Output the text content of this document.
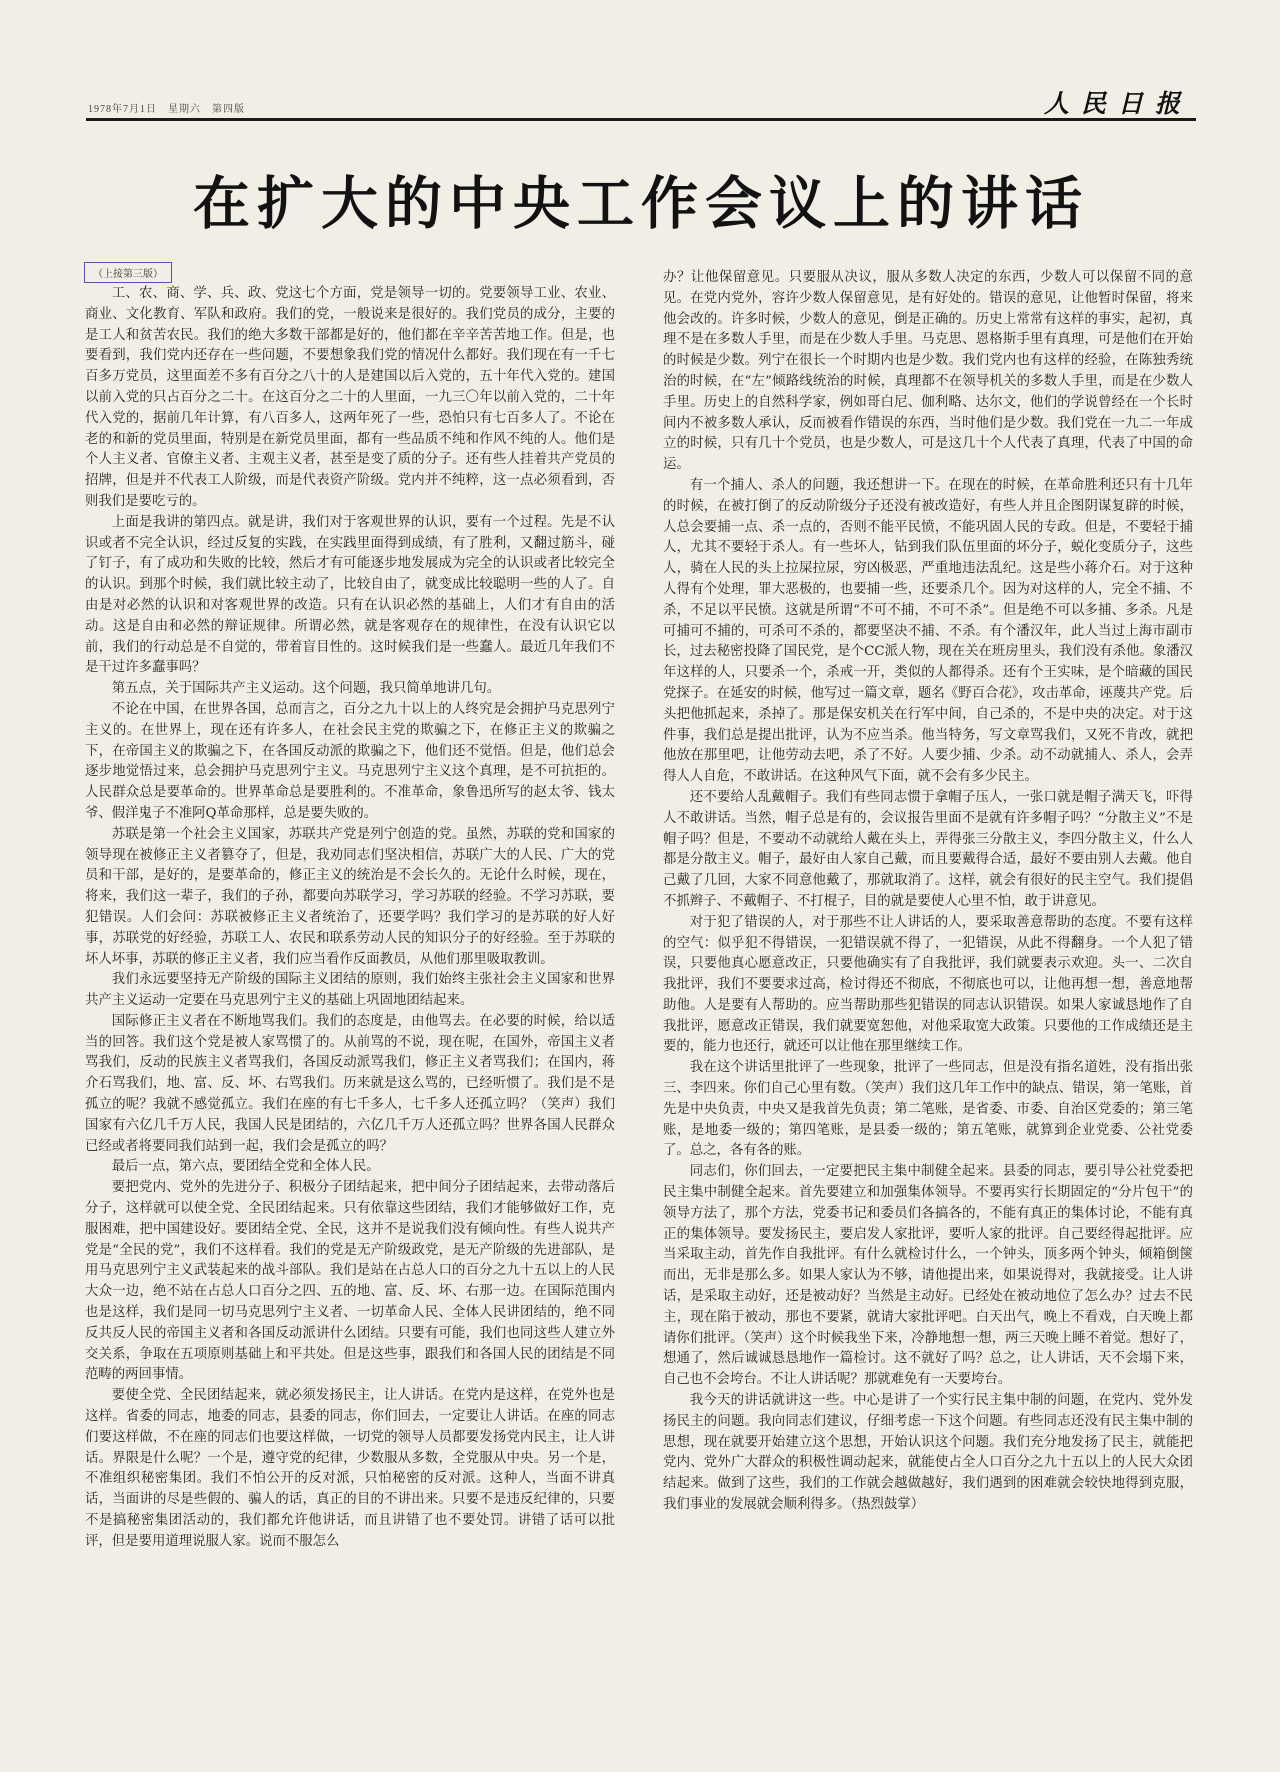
1978年7月1日　星期六　第四版	人民日报
在扩大的中央工作会议上的讲话
（上接第三版）

工、农、商、学、兵、政、党这七个方面，党是领导一切的。党要领导工业、农业、商业、文化教育、军队和政府。我们的党，一般说来是很好的。我们党员的成分，主要的是工人和贫苦农民。我们的绝大多数干部都是好的，他们都在辛辛苦苦地工作。但是，也要看到，我们党内还存在一些问题，不要想象我们党的情况什么都好。我们现在有一千七百多万党员，这里面差不多有百分之八十的人是建国以后入党的，五十年代入党的。建国以前入党的只占百分之二十。在这百分之二十的人里面，一九三〇年以前入党的，二十年代入党的，据前几年计算，有八百多人，这两年死了一些，恐怕只有七百多人了。不论在老的和新的党员里面，特别是在新党员里面，都有一些品质不纯和作风不纯的人。他们是个人主义者、官僚主义者、主观主义者，甚至是变了质的分子。还有些人挂着共产党员的招牌，但是并不代表工人阶级，而是代表资产阶级。党内并不纯粹，这一点必须看到，否则我们是要吃亏的。

上面是我讲的第四点。就是讲，我们对于客观世界的认识，要有一个过程。先是不认识或者不完全认识，经过反复的实践，在实践里面得到成绩，有了胜利，又翻过筋斗，碰了钉子，有了成功和失败的比较，然后才有可能逐步地发展成为完全的认识或者比较完全的认识。到那个时候，我们就比较主动了，比较自由了，就变成比较聪明一些的人了。自由是对必然的认识和对客观世界的改造。只有在认识必然的基础上，人们才有自由的活动。这是自由和必然的辩证规律。所谓必然，就是客观存在的规律性，在没有认识它以前，我们的行动总是不自觉的，带着盲目性的。这时候我们是一些蠢人。最近几年我们不是干过许多蠢事吗？

第五点，关于国际共产主义运动。这个问题，我只简单地讲几句。

不论在中国，在世界各国，总而言之，百分之九十以上的人终究是会拥护马克思列宁主义的。在世界上，现在还有许多人，在社会民主党的欺骗之下，在修正主义的欺骗之下，在帝国主义的欺骗之下，在各国反动派的欺骗之下，他们还不觉悟。但是，他们总会逐步地觉悟过来，总会拥护马克思列宁主义。马克思列宁主义这个真理，是不可抗拒的。人民群众总是要革命的。世界革命总是要胜利的。不准革命，象鲁迅所写的赵太爷、钱太爷、假洋鬼子不准阿Q革命那样，总是要失败的。

苏联是第一个社会主义国家，苏联共产党是列宁创造的党。虽然，苏联的党和国家的领导现在被修正主义者篡夺了，但是，我劝同志们坚决相信，苏联广大的人民、广大的党员和干部，是好的，是要革命的，修正主义的统治是不会长久的。无论什么时候，现在，将来，我们这一辈子，我们的子孙，都要向苏联学习，学习苏联的经验。不学习苏联，要犯错误。人们会问：苏联被修正主义者统治了，还要学吗？我们学习的是苏联的好人好事，苏联党的好经验，苏联工人、农民和联系劳动人民的知识分子的好经验。至于苏联的坏人坏事，苏联的修正主义者，我们应当看作反面教员，从他们那里吸取教训。

我们永远要坚持无产阶级的国际主义团结的原则，我们始终主张社会主义国家和世界共产主义运动一定要在马克思列宁主义的基础上巩固地团结起来。

国际修正主义者在不断地骂我们。我们的态度是，由他骂去。在必要的时候，给以适当的回答。我们这个党是被人家骂惯了的。从前骂的不说，现在呢，在国外，帝国主义者骂我们，反动的民族主义者骂我们，各国反动派骂我们，修正主义者骂我们；在国内，蒋介石骂我们，地、富、反、坏、右骂我们。历来就是这么骂的，已经听惯了。我们是不是孤立的呢？我就不感觉孤立。我们在座的有七千多人，七千多人还孤立吗？（笑声）我们国家有六亿几千万人民，我国人民是团结的，六亿几千万人还孤立吗？世界各国人民群众已经或者将要同我们站到一起，我们会是孤立的吗？

最后一点，第六点，要团结全党和全体人民。

要把党内、党外的先进分子、积极分子团结起来，把中间分子团结起来，去带动落后分子，这样就可以使全党、全民团结起来。只有依靠这些团结，我们才能够做好工作，克服困难，把中国建设好。要团结全党、全民，这并不是说我们没有倾向性。有些人说共产党是“全民的党”，我们不这样看。我们的党是无产阶级政党，是无产阶级的先进部队，是用马克思列宁主义武装起来的战斗部队。我们是站在占总人口的百分之九十五以上的人民大众一边，绝不站在占总人口百分之四、五的地、富、反、坏、右那一边。在国际范围内也是这样，我们是同一切马克思列宁主义者、一切革命人民、全体人民讲团结的，绝不同反共反人民的帝国主义者和各国反动派讲什么团结。只要有可能，我们也同这些人建立外交关系，争取在五项原则基础上和平共处。但是这些事，跟我们和各国人民的团结是不同范畴的两回事情。

要使全党、全民团结起来，就必须发扬民主，让人讲话。在党内是这样，在党外也是这样。省委的同志，地委的同志，县委的同志，你们回去，一定要让人讲话。在座的同志们要这样做，不在座的同志们也要这样做，一切党的领导人员都要发扬党内民主，让人讲话。界限是什么呢？一个是，遵守党的纪律，少数服从多数，全党服从中央。另一个是，不准组织秘密集团。我们不怕公开的反对派，只怕秘密的反对派。这种人，当面不讲真话，当面讲的尽是些假的、骗人的话，真正的目的不讲出来。只要不是违反纪律的，只要不是搞秘密集团活动的，我们都允许他讲话，而且讲错了也不要处罚。讲错了话可以批评，但是要用道理说服人家。说而不服怎么

办？让他保留意见。只要服从决议，服从多数人决定的东西，少数人可以保留不同的意见。在党内党外，容许少数人保留意见，是有好处的。错误的意见，让他暂时保留，将来他会改的。许多时候，少数人的意见，倒是正确的。历史上常常有这样的事实，起初，真理不是在多数人手里，而是在少数人手里。马克思、恩格斯手里有真理，可是他们在开始的时候是少数。列宁在很长一个时期内也是少数。我们党内也有这样的经验，在陈独秀统治的时候，在“左”倾路线统治的时候，真理都不在领导机关的多数人手里，而是在少数人手里。历史上的自然科学家，例如哥白尼、伽利略、达尔文，他们的学说曾经在一个长时间内不被多数人承认，反而被看作错误的东西，当时他们是少数。我们党在一九二一年成立的时候，只有几十个党员，也是少数人，可是这几十个人代表了真理，代表了中国的命运。

有一个捕人、杀人的问题，我还想讲一下。在现在的时候，在革命胜利还只有十几年的时候，在被打倒了的反动阶级分子还没有被改造好，有些人并且企图阴谋复辟的时候，人总会要捕一点、杀一点的，否则不能平民愤，不能巩固人民的专政。但是，不要轻于捕人，尤其不要轻于杀人。有一些坏人，钻到我们队伍里面的坏分子，蜕化变质分子，这些人，骑在人民的头上拉屎拉尿，穷凶极恶，严重地违法乱纪。这是些小蒋介石。对于这种人得有个处理，罪大恶极的，也要捕一些，还要杀几个。因为对这样的人，完全不捕、不杀，不足以平民愤。这就是所谓“不可不捕，不可不杀”。但是绝不可以多捕、多杀。凡是可捕可不捕的，可杀可不杀的，都要坚决不捕、不杀。有个潘汉年，此人当过上海市副市长，过去秘密投降了国民党，是个CC派人物，现在关在班房里头，我们没有杀他。象潘汉年这样的人，只要杀一个，杀戒一开，类似的人都得杀。还有个王实味，是个暗藏的国民党探子。在延安的时候，他写过一篇文章，题名《野百合花》，攻击革命，诬蔑共产党。后头把他抓起来，杀掉了。那是保安机关在行军中间，自己杀的，不是中央的决定。对于这件事，我们总是提出批评，认为不应当杀。他当特务，写文章骂我们，又死不肯改，就把他放在那里吧，让他劳动去吧，杀了不好。人要少捕、少杀。动不动就捕人、杀人，会弄得人人自危，不敢讲话。在这种风气下面，就不会有多少民主。

还不要给人乱戴帽子。我们有些同志惯于拿帽子压人，一张口就是帽子满天飞，吓得人不敢讲话。当然，帽子总是有的，会议报告里面不是就有许多帽子吗？“分散主义”不是帽子吗？但是，不要动不动就给人戴在头上，弄得张三分散主义，李四分散主义，什么人都是分散主义。帽子，最好由人家自己戴，而且要戴得合适，最好不要由别人去戴。他自己戴了几回，大家不同意他戴了，那就取消了。这样，就会有很好的民主空气。我们提倡不抓辫子、不戴帽子、不打棍子，目的就是要使人心里不怕，敢于讲意见。

对于犯了错误的人，对于那些不让人讲话的人，要采取善意帮助的态度。不要有这样的空气：似乎犯不得错误，一犯错误就不得了，一犯错误，从此不得翻身。一个人犯了错误，只要他真心愿意改正，只要他确实有了自我批评，我们就要表示欢迎。头一、二次自我批评，我们不要要求过高，检讨得还不彻底，不彻底也可以，让他再想一想，善意地帮助他。人是要有人帮助的。应当帮助那些犯错误的同志认识错误。如果人家诚恳地作了自我批评，愿意改正错误，我们就要宽恕他，对他采取宽大政策。只要他的工作成绩还是主要的，能力也还行，就还可以让他在那里继续工作。

我在这个讲话里批评了一些现象，批评了一些同志，但是没有指名道姓，没有指出张三、李四来。你们自己心里有数。（笑声）我们这几年工作中的缺点、错误，第一笔账，首先是中央负责，中央又是我首先负责；第二笔账，是省委、市委、自治区党委的；第三笔账，是地委一级的；第四笔账，是县委一级的；第五笔账，就算到企业党委、公社党委了。总之，各有各的账。

同志们，你们回去，一定要把民主集中制健全起来。县委的同志，要引导公社党委把民主集中制健全起来。首先要建立和加强集体领导。不要再实行长期固定的“分片包干”的领导方法了，那个方法，党委书记和委员们各搞各的，不能有真正的集体讨论，不能有真正的集体领导。要发扬民主，要启发人家批评，要听人家的批评。自己要经得起批评。应当采取主动，首先作自我批评。有什么就检讨什么，一个钟头，顶多两个钟头，倾箱倒箧而出，无非是那么多。如果人家认为不够，请他提出来，如果说得对，我就接受。让人讲话，是采取主动好，还是被动好？当然是主动好。已经处在被动地位了怎么办？过去不民主，现在陷于被动，那也不要紧，就请大家批评吧。白天出气，晚上不看戏，白天晚上都请你们批评。（笑声）这个时候我坐下来，冷静地想一想，两三天晚上睡不着觉。想好了，想通了，然后诚诚恳恳地作一篇检讨。这不就好了吗？总之，让人讲话，天不会塌下来，自己也不会垮台。不让人讲话呢？那就难免有一天要垮台。

我今天的讲话就讲这一些。中心是讲了一个实行民主集中制的问题，在党内、党外发扬民主的问题。我向同志们建议，仔细考虑一下这个问题。有些同志还没有民主集中制的思想，现在就要开始建立这个思想，开始认识这个问题。我们充分地发扬了民主，就能把党内、党外广大群众的积极性调动起来，就能使占全人口百分之九十五以上的人民大众团结起来。做到了这些，我们的工作就会越做越好，我们遇到的困难就会较快地得到克服，我们事业的发展就会顺利得多。（热烈鼓掌）
